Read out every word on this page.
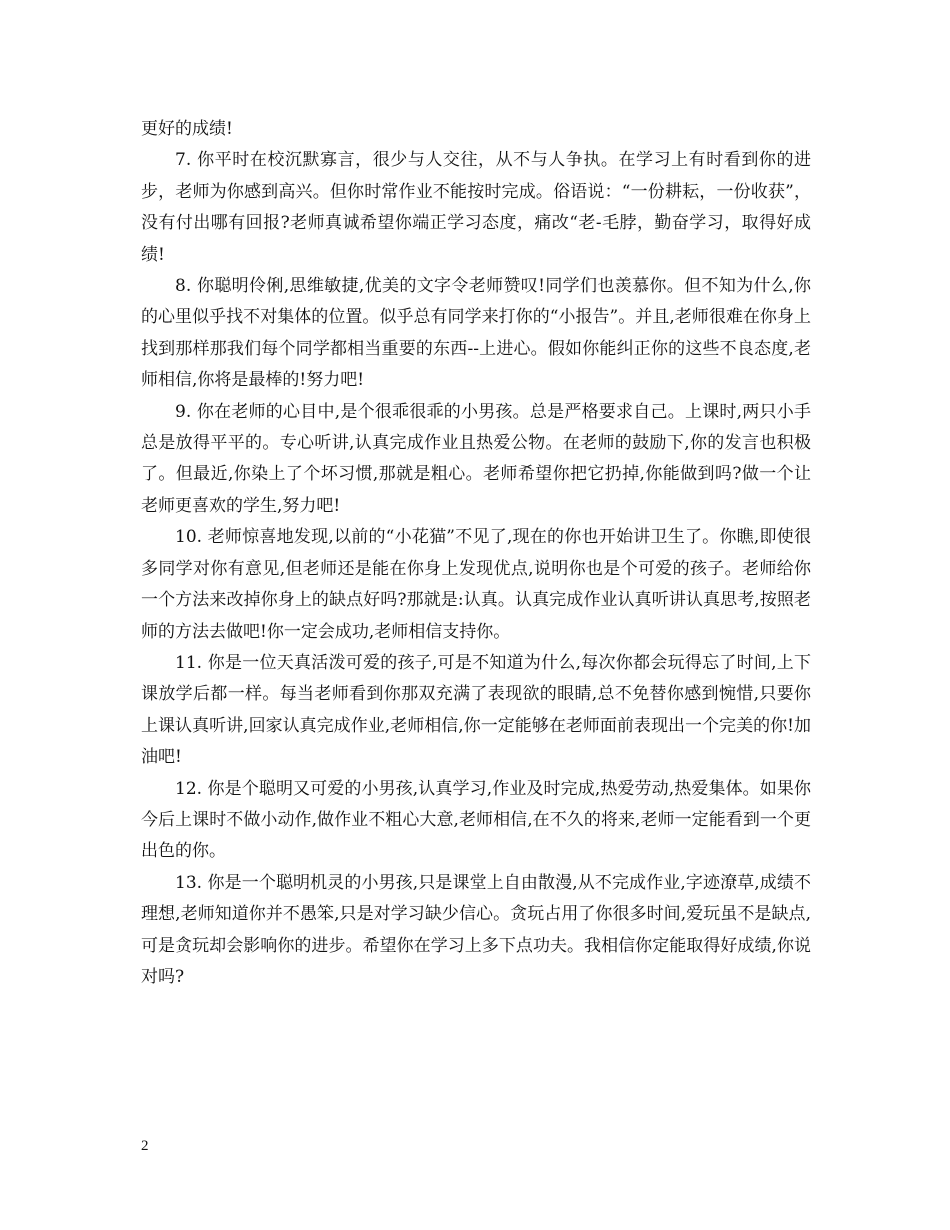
更好的成绩!

7. 你平时在校沉默寡言，很少与人交往，从不与人争执。在学习上有时看到你的进步，老师为你感到高兴。但你时常作业不能按时完成。俗语说：“一份耕耘，一份收获”，没有付出哪有回报?老师真诚希望你端正学习态度，痛改“老-毛脖，勤奋学习，取得好成绩!

8. 你聪明伶俐,思维敏捷,优美的文字令老师赞叹!同学们也羡慕你。但不知为什么,你的心里似乎找不对集体的位置。似乎总有同学来打你的“小报告”。并且,老师很难在你身上找到那样那我们每个同学都相当重要的东西--上进心。假如你能纠正你的这些不良态度,老师相信,你将是最棒的!努力吧!

9. 你在老师的心目中,是个很乖很乖的小男孩。总是严格要求自己。上课时,两只小手总是放得平平的。专心听讲,认真完成作业且热爱公物。在老师的鼓励下,你的发言也积极了。但最近,你染上了个坏习惯,那就是粗心。老师希望你把它扔掉,你能做到吗?做一个让老师更喜欢的学生,努力吧!

10. 老师惊喜地发现,以前的“小花猫”不见了,现在的你也开始讲卫生了。你瞧,即使很多同学对你有意见,但老师还是能在你身上发现优点,说明你也是个可爱的孩子。老师给你一个方法来改掉你身上的缺点好吗?那就是:认真。认真完成作业认真听讲认真思考,按照老师的方法去做吧!你一定会成功,老师相信支持你。

11. 你是一位天真活泼可爱的孩子,可是不知道为什么,每次你都会玩得忘了时间,上下课放学后都一样。每当老师看到你那双充满了表现欲的眼睛,总不免替你感到惋惜,只要你上课认真听讲,回家认真完成作业,老师相信,你一定能够在老师面前表现出一个完美的你!加油吧!

12. 你是个聪明又可爱的小男孩,认真学习,作业及时完成,热爱劳动,热爱集体。如果你今后上课时不做小动作,做作业不粗心大意,老师相信,在不久的将来,老师一定能看到一个更出色的你。

13. 你是一个聪明机灵的小男孩,只是课堂上自由散漫,从不完成作业,字迹潦草,成绩不理想,老师知道你并不愚笨,只是对学习缺少信心。贪玩占用了你很多时间,爱玩虽不是缺点,可是贪玩却会影响你的进步。希望你在学习上多下点功夫。我相信你定能取得好成绩,你说对吗?

2
